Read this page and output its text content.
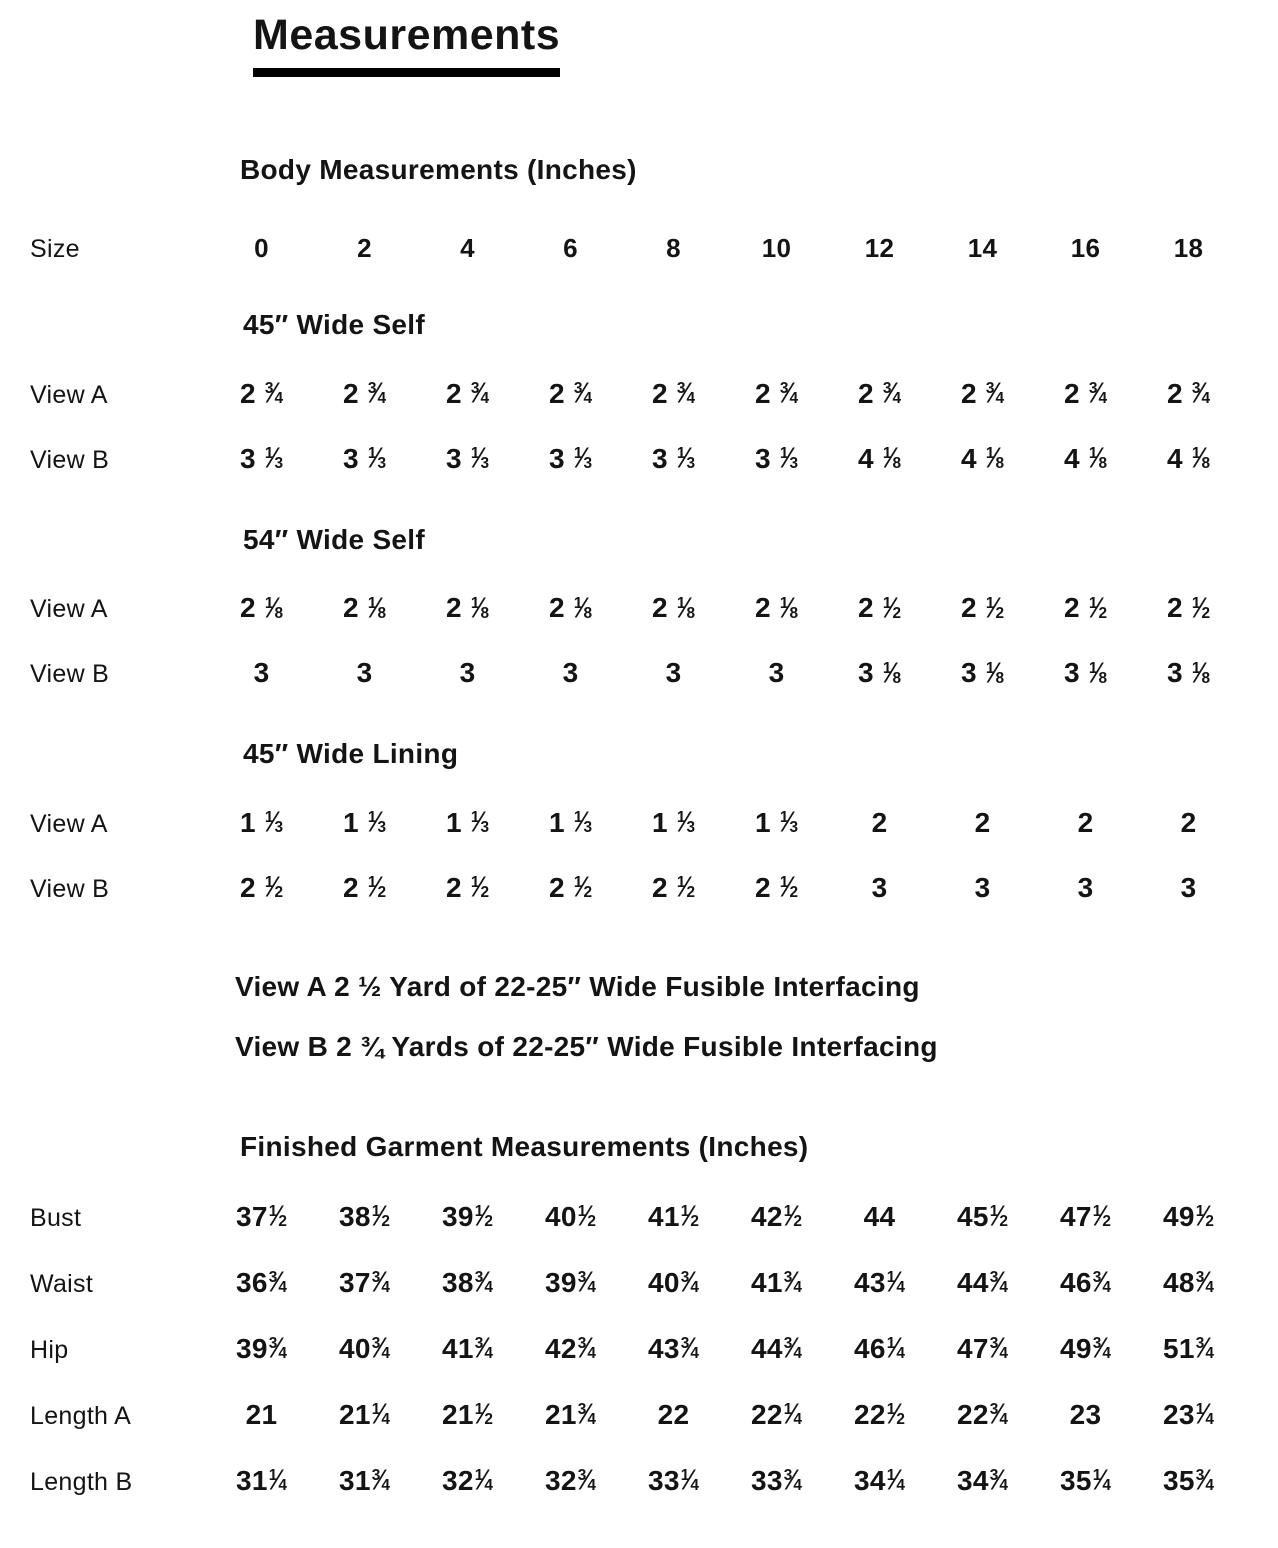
Measurements
Body Measurements (Inches)
Size	0	2	4	6	8	10	12	14	16	18
45″ Wide Self
View A	2 $^3⁄_4$	2 $^3⁄_4$	2 $^3⁄_4$	2 $^3⁄_4$	2 $^3⁄_4$	2 $^3⁄_4$	2 $^3⁄_4$	2 $^3⁄_4$	2 $^3⁄_4$	2 $^3⁄_4$
View B	3 $^1⁄_3$	3 $^1⁄_3$	3 $^1⁄_3$	3 $^1⁄_3$	3 $^1⁄_3$	3 $^1⁄_3$	4 $^1⁄_8$	4 $^1⁄_8$	4 $^1⁄_8$	4 $^1⁄_8$
54″ Wide Self
View A	2 $^1⁄_8$	2 $^1⁄_8$	2 $^1⁄_8$	2 $^1⁄_8$	2 $^1⁄_8$	2 $^1⁄_8$	2 $^1⁄_2$	2 $^1⁄_2$	2 $^1⁄_2$	2 $^1⁄_2$
View B	3	3	3	3	3	3	3 $^1⁄_8$	3 $^1⁄_8$	3 $^1⁄_8$	3 $^1⁄_8$
45″ Wide Lining
View A	1 $^1⁄_3$	1 $^1⁄_3$	1 $^1⁄_3$	1 $^1⁄_3$	1 $^1⁄_3$	1 $^1⁄_3$	2	2	2	2
View B	2 $^1⁄_2$	2 $^1⁄_2$	2 $^1⁄_2$	2 $^1⁄_2$	2 $^1⁄_2$	2 $^1⁄_2$	3	3	3	3

View A 2 ½ Yard of 22-25″ Wide Fusible Interfacing

View B 2 ¾ Yards of 22-25″ Wide Fusible Interfacing

Finished Garment Measurements (Inches)
Bust	$37^1⁄_2$	$38^1⁄_2$	$39^1⁄_2$	$40^1⁄_2$	$41^1⁄_2$	$42^1⁄_2$	44	$45^1⁄_2$	$47^1⁄_2$	$49^1⁄_2$
Waist	$36^3⁄_4$	$37^3⁄_4$	$38^3⁄_4$	$39^3⁄_4$	$40^3⁄_4$	$41^3⁄_4$	$43^1⁄_4$	$44^3⁄_4$	$46^3⁄_4$	$48^3⁄_4$
Hip	$39^3⁄_4$	$40^3⁄_4$	$41^3⁄_4$	$42^3⁄_4$	$43^3⁄_4$	$44^3⁄_4$	$46^1⁄_4$	$47^3⁄_4$	$49^3⁄_4$	$51^3⁄_4$
Length A	21	$21^1⁄_4$	$21^1⁄_2$	$21^3⁄_4$	22	$22^1⁄_4$	$22^1⁄_2$	$22^3⁄_4$	23	$23^1⁄_4$
Length B	$31^1⁄_4$	$31^3⁄_4$	$32^1⁄_4$	$32^3⁄_4$	$33^1⁄_4$	$33^3⁄_4$	$34^1⁄_4$	$34^3⁄_4$	$35^1⁄_4$	$35^3⁄_4$
